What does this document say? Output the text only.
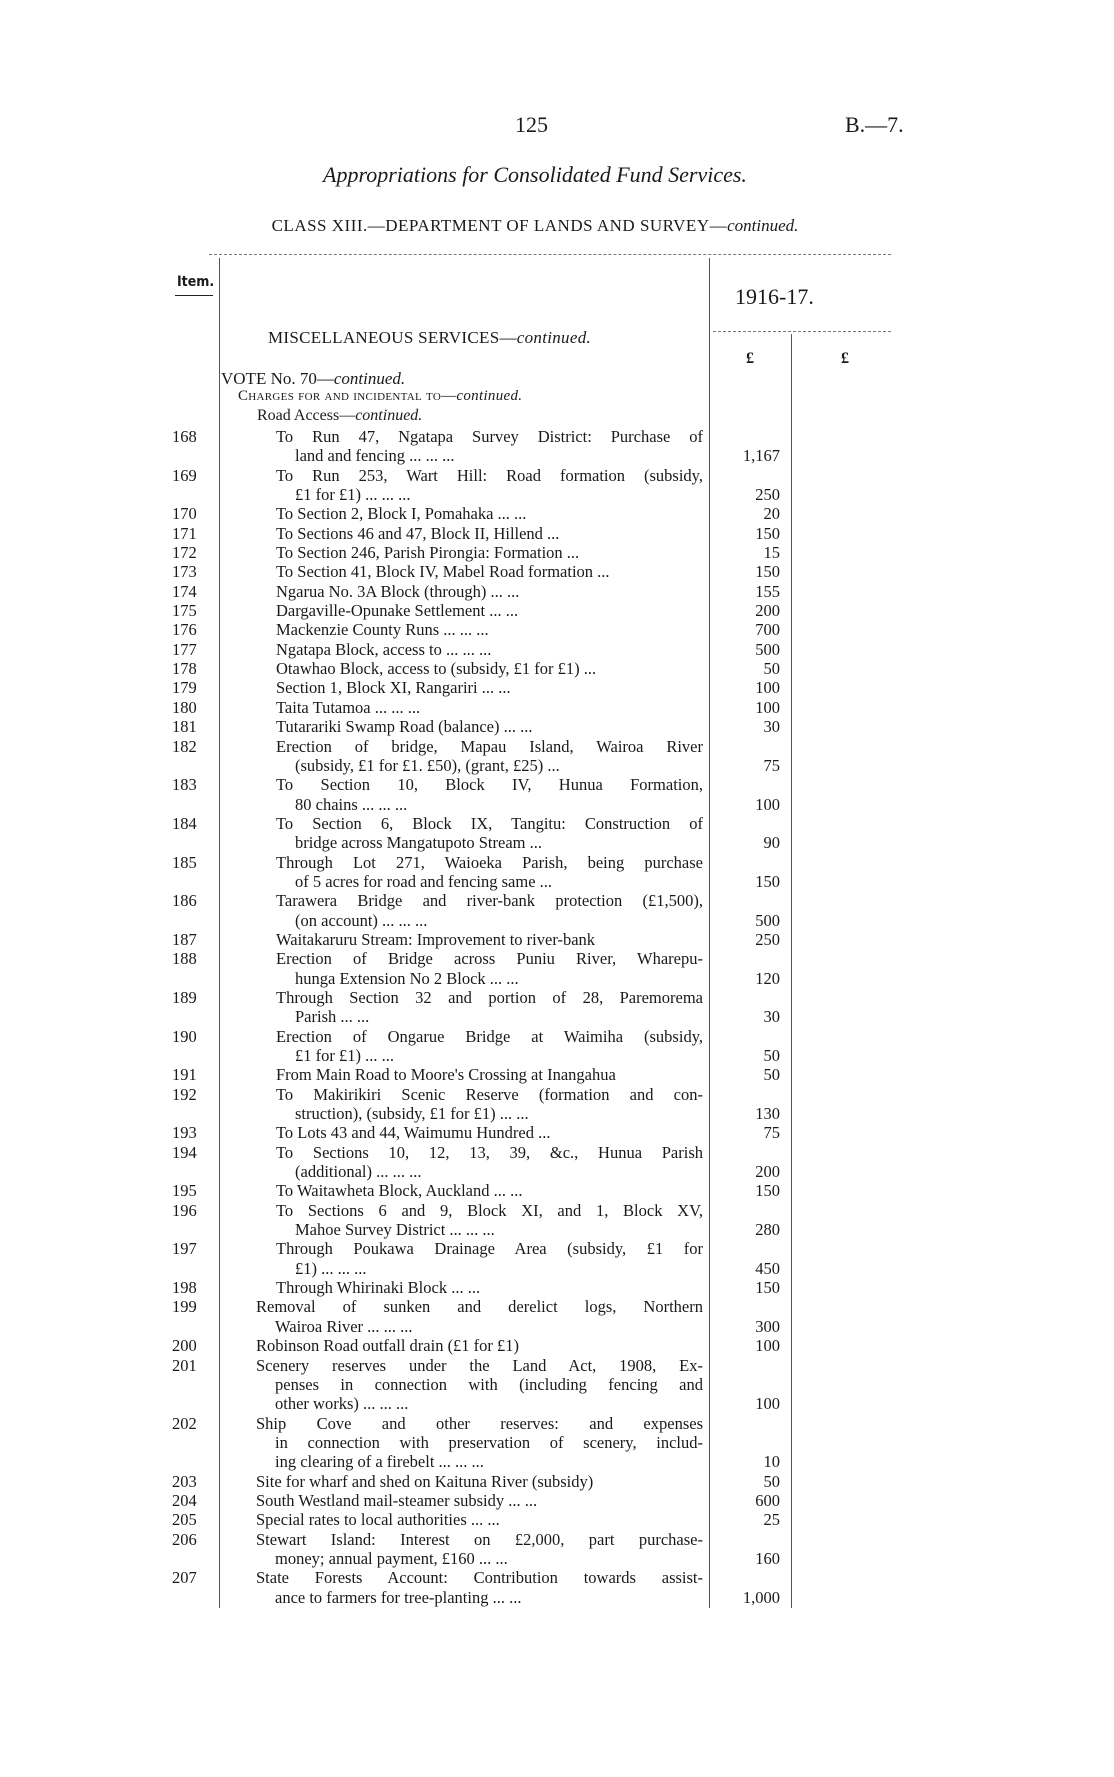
125	B.—7.
Appropriations for Consolidated Fund Services.
CLASS XIII.—DEPARTMENT OF LANDS AND SURVEY—continued.
Item.
1916-17.
£	£
MISCELLANEOUS SERVICES—continued.
VOTE No. 70—continued.
Charges for and incidental to—continued.
Road Access—continued.
168	To Run 47, Ngatapa Survey District: Purchase of
land and fencing ... ... ...	1,167
169	To Run 253, Wart Hill: Road formation (subsidy,
£1 for £1) ... ... ...	250
170	To Section 2, Block I, Pomahaka ... ...	20
171	To Sections 46 and 47, Block II, Hillend ...	150
172	To Section 246, Parish Pirongia: Formation ...	15
173	To Section 41, Block IV, Mabel Road formation ...	150
174	Ngarua No. 3A Block (through) ... ...	155
175	Dargaville-Opunake Settlement ... ...	200
176	Mackenzie County Runs ... ... ...	700
177	Ngatapa Block, access to ... ... ...	500
178	Otawhao Block, access to (subsidy, £1 for £1) ...	50
179	Section 1, Block XI, Rangariri ... ...	100
180	Taita Tutamoa ... ... ...	100
181	Tutarariki Swamp Road (balance) ... ...	30
182	Erection of bridge, Mapau Island, Wairoa River
(subsidy, £1 for £1. £50), (grant, £25) ...	75
183	To Section 10, Block IV, Hunua Formation,
80 chains ... ... ...	100
184	To Section 6, Block IX, Tangitu: Construction of
bridge across Mangatupoto Stream ...	90
185	Through Lot 271, Waioeka Parish, being purchase
of 5 acres for road and fencing same ...	150
186	Tarawera Bridge and river-bank protection (£1,500),
(on account) ... ... ...	500
187	Waitakaruru Stream: Improvement to river-bank	250
188	Erection of Bridge across Puniu River, Wharepu-
hunga Extension No 2 Block ... ...	120
189	Through Section 32 and portion of 28, Paremorema
Parish ... ...	30
190	Erection of Ongarue Bridge at Waimiha (subsidy,
£1 for £1) ... ...	50
191	From Main Road to Moore's Crossing at Inangahua	50
192	To Makirikiri Scenic Reserve (formation and con-
struction), (subsidy, £1 for £1) ... ...	130
193	To Lots 43 and 44, Waimumu Hundred ...	75
194	To Sections 10, 12, 13, 39, &c., Hunua Parish
(additional) ... ... ...	200
195	To Waitawheta Block, Auckland ... ...	150
196	To Sections 6 and 9, Block XI, and 1, Block XV,
Mahoe Survey District ... ... ...	280
197	Through Poukawa Drainage Area (subsidy, £1 for
£1) ... ... ...	450
198	Through Whirinaki Block ... ...	150
199	Removal of sunken and derelict logs, Northern
Wairoa River ... ... ...	300
200	Robinson Road outfall drain (£1 for £1)	100
201	Scenery reserves under the Land Act, 1908, Ex-
penses in connection with (including fencing and
other works) ... ... ...	100
202	Ship Cove and other reserves: and expenses
in connection with preservation of scenery, includ-
ing clearing of a firebelt ... ... ...	10
203	Site for wharf and shed on Kaituna River (subsidy)	50
204	South Westland mail-steamer subsidy ... ...	600
205	Special rates to local authorities ... ...	25
206	Stewart Island: Interest on £2,000, part purchase-
money; annual payment, £160 ... ...	160
207	State Forests Account: Contribution towards assist-
ance to farmers for tree-planting ... ...	1,000
